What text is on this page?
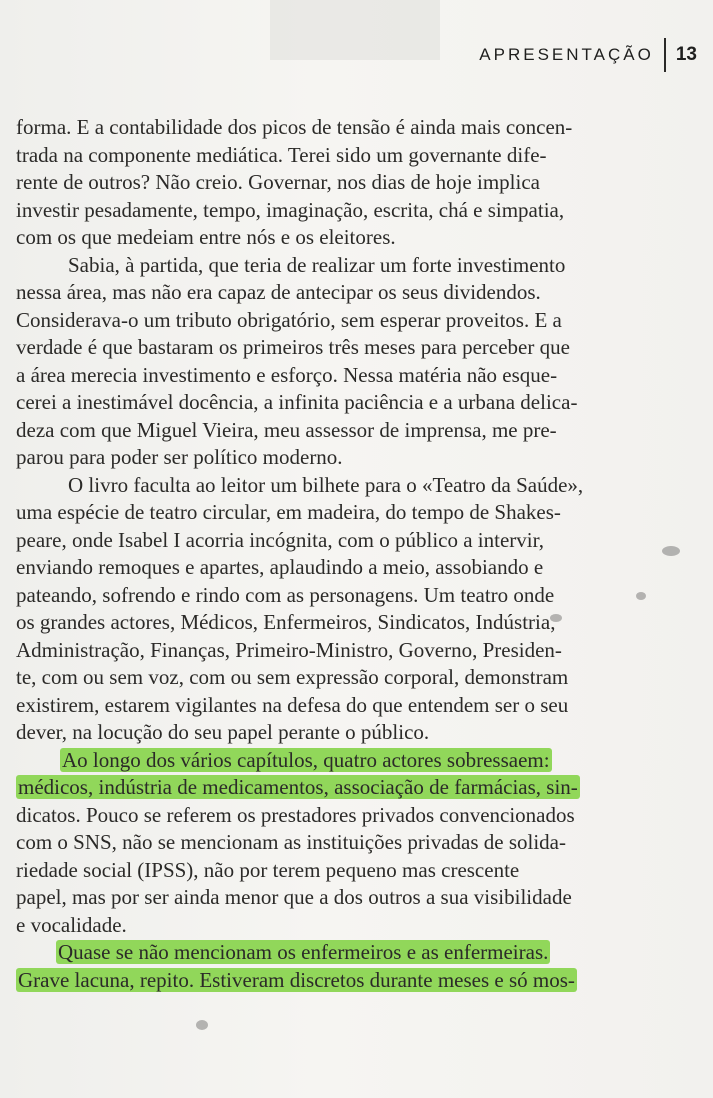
APRESENTAÇÃO 13
forma. E a contabilidade dos picos de tensão é ainda mais concen-
trada na componente mediática. Terei sido um governante dife-
rente de outros? Não creio. Governar, nos dias de hoje implica
investir pesadamente, tempo, imaginação, escrita, chá e simpatia,
com os que medeiam entre nós e os eleitores.
Sabia, à partida, que teria de realizar um forte investimento
nessa área, mas não era capaz de antecipar os seus dividendos.
Considerava-o um tributo obrigatório, sem esperar proveitos. E a
verdade é que bastaram os primeiros três meses para perceber que
a área merecia investimento e esforço. Nessa matéria não esque-
cerei a inestimável docência, a infinita paciência e a urbana delica-
deza com que Miguel Vieira, meu assessor de imprensa, me pre-
parou para poder ser político moderno.
O livro faculta ao leitor um bilhete para o «Teatro da Saúde»,
uma espécie de teatro circular, em madeira, do tempo de Shakes-
peare, onde Isabel I acorria incógnita, com o público a intervir,
enviando remoques e apartes, aplaudindo a meio, assobiando e
pateando, sofrendo e rindo com as personagens. Um teatro onde
os grandes actores, Médicos, Enfermeiros, Sindicatos, Indústria,
Administração, Finanças, Primeiro-Ministro, Governo, Presiden-
te, com ou sem voz, com ou sem expressão corporal, demonstram
existirem, estarem vigilantes na defesa do que entendem ser o seu
dever, na locução do seu papel perante o público.
Ao longo dos vários capítulos, quatro actores sobressaem:
médicos, indústria de medicamentos, associação de farmácias, sin-
dicatos. Pouco se referem os prestadores privados convencionados
com o SNS, não se mencionam as instituições privadas de solida-
riedade social (IPSS), não por terem pequeno mas crescente
papel, mas por ser ainda menor que a dos outros a sua visibilidade
e vocalidade.
Quase se não mencionam os enfermeiros e as enfermeiras.
Grave lacuna, repito. Estiveram discretos durante meses e só mos-
